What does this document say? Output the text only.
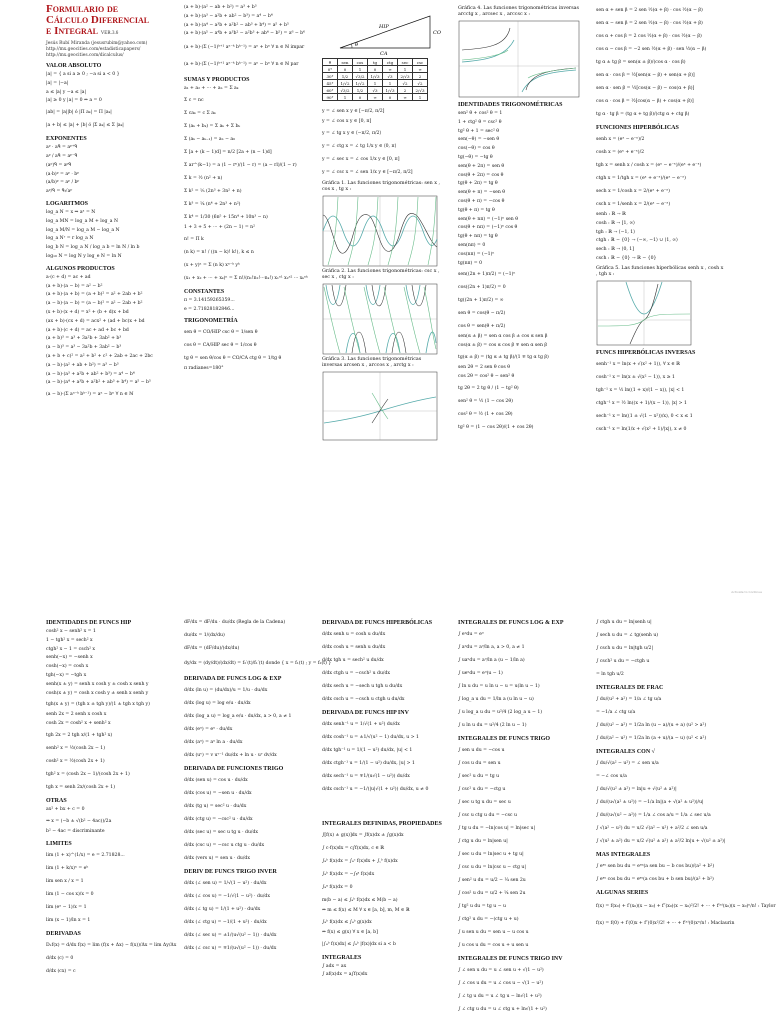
Formulario de
Cálculo Diferencial
e Integral VER.3.6
Jesús Rubí Miranda (jesusrubim@yahoo.com)
http://mx.geocities.com/estadisticapapers/
http://mx.geocities.com/dicalculus/
VALOR ABSOLUTO

|a| = { a si a ≥ 0 ; −a si a < 0 }

|a| = |−a|

a ≤ |a| y −a ≤ |a|

|a| ≥ 0 y |a| = 0 ⇔ a = 0

|ab| = |a||b| ó |Π aₖ| = Π |aₖ|

|a + b| ≤ |a| + |b| ó |Σ aₖ| ≤ Σ |aₖ|

EXPONENTES

aᵖ · aᑫ = aᵖ⁺ᑫ

aᵖ / aᑫ = aᵖ⁻ᑫ

(aᵖ)ᑫ = aᵖᑫ

(a·b)ᵖ = aᵖ · bᵖ

(a/b)ᵖ = aᵖ / bᵖ

aᵖ/ᑫ = ᑫ√aᵖ

LOGARITMOS

log_a N = x ⇒ aˣ = N

log_a MN = log_a M + log_a N

log_a M/N = log_a M − log_a N

log_a Nʳ = r log_a N

log_b N = log_a N / log_a b = ln N / ln b

log₁₀ N = log N y log_e N = ln N

ALGUNOS PRODUCTOS

a·(c + d) = ac + ad

(a + b)·(a − b) = a² − b²

(a + b)·(a + b) = (a + b)² = a² + 2ab + b²

(a − b)·(a − b) = (a − b)² = a² − 2ab + b²

(x + b)·(x + d) = x² + (b + d)x + bd

(ax + b)·(cx + d) = acx² + (ad + bc)x + bd

(a + b)·(c + d) = ac + ad + bc + bd

(a + b)³ = a³ + 3a²b + 3ab² + b³

(a − b)³ = a³ − 3a²b + 3ab² − b³

(a + b + c)² = a² + b² + c² + 2ab + 2ac + 2bc

(a − b)·(a² + ab + b²) = a³ − b³

(a − b)·(a³ + a²b + ab² + b³) = a⁴ − b⁴

(a − b)·(a⁴ + a³b + a²b² + ab³ + b⁴) = a⁵ − b⁵

(a − b)·(Σ aⁿ⁻ᵏ bᵏ⁻¹) = aⁿ − bⁿ ∀ n ∈ ℕ

(a + b)·(a² − ab + b²) = a³ + b³

(a + b)·(a³ − a²b + ab² − b³) = a⁴ − b⁴

(a + b)·(a⁴ − a³b + a²b² − ab³ + b⁴) = a⁵ + b⁵

(a + b)·(a⁵ − a⁴b + a³b² − a²b³ + ab⁴ − b⁵) = a⁶ − b⁶

(a + b)·(Σ (−1)ᵏ⁺¹ aⁿ⁻ᵏ bᵏ⁻¹) = aⁿ + bⁿ ∀ n ∈ ℕ impar

(a + b)·(Σ (−1)ᵏ⁺¹ aⁿ⁻ᵏ bᵏ⁻¹) = aⁿ − bⁿ ∀ n ∈ ℕ par

SUMAS Y PRODUCTOS

a₁ + a₂ + ··· + aₙ = Σ aₖ

Σ c = nc

Σ caₖ = c Σ aₖ

Σ (aₖ + bₖ) = Σ aₖ + Σ bₖ

Σ (aₖ − aₖ₋₁) = aₙ − a₀

Σ [a + (k − 1)d] = n/2 [2a + (n − 1)d]

Σ ar^(k−1) = a (1 − rⁿ)/(1 − r) = (a − rl)/(1 − r)

Σ k = ½ (n² + n)

Σ k² = ⅙ (2n³ + 3n² + n)

Σ k³ = ¼ (n⁴ + 2n³ + n²)

Σ k⁴ = 1/30 (6n⁵ + 15n⁴ + 10n³ − n)

1 + 3 + 5 + ··· + (2n − 1) = n²

n! = Π k

(n k) = n! / ((n − k)! k!), k ≤ n

(x + y)ⁿ = Σ (n k) xⁿ⁻ᵏ yᵏ

(x₁ + x₂ + ··· + xₖ)ⁿ = Σ n!/(n₁!n₂!···nₖ!) x₁ⁿ¹ x₂ⁿ² ··· xₖⁿᵏ

CONSTANTES

π = 3.14159265359...

e = 2.71828182846...

TRIGONOMETRÍA

sen θ = CO/HIP csc θ = 1/sen θ

cos θ = CA/HIP sec θ = 1/cos θ

tg θ = sen θ/cos θ = CO/CA ctg θ = 1/tg θ

π radianes=180°

HIP
CO
CA
θ
θ	sen	cos	tg	ctg	sec	csc
0°	0	1	0	∞	1	∞
30°	1/2	√3/2	1/√3	√3	2/√3	2
45°	1/√2	1/√2	1	1	√2	√2
60°	√3/2	1/2	√3	1/√3	2	2/√3
90°	1	0	∞	0	∞	1

y = ∠ sen x y ∈ [−π/2, π/2]

y = ∠ cos x y ∈ [0, π]

y = ∠ tg x y ∈ ⟨−π/2, π/2⟩

y = ∠ ctg x = ∠ tg 1/x y ∈ ⟨0, π⟩

y = ∠ sec x = ∠ cos 1/x y ∈ [0, π]

y = ∠ csc x = ∠ sen 1/x y ∈ [−π/2, π/2]

Gráfica 1. Las funciones trigonométricas: sen x , cos x , tg x :
Gráfica 2. Las funciones trigonométricas: csc x , sec x , ctg x :
Gráfica 3. Las funciones trigonométricas inversas arcsen x , arccos x , arctg x :
Gráfica 4. Las funciones trigonométricas inversas arcctg x , arcsec x , arccsc x :
IDENTIDADES TRIGONOMÉTRICAS

sen² θ + cos² θ = 1

1 + ctg² θ = csc² θ

tg² θ + 1 = sec² θ

sen(−θ) = −sen θ

cos(−θ) = cos θ

tg(−θ) = −tg θ

sen(θ + 2π) = sen θ

cos(θ + 2π) = cos θ

tg(θ + 2π) = tg θ

sen(θ + π) = −sen θ

cos(θ + π) = −cos θ

tg(θ + π) = tg θ

sen(θ + nπ) = (−1)ⁿ sen θ

cos(θ + nπ) = (−1)ⁿ cos θ

tg(θ + nπ) = tg θ

sen(nπ) = 0

cos(nπ) = (−1)ⁿ

tg(nπ) = 0

sen((2n + 1)π/2) = (−1)ⁿ

cos((2n + 1)π/2) = 0

tg((2n + 1)π/2) = ∞

sen θ = cos(θ − π/2)

cos θ = sen(θ + π/2)

sen(α ± β) = sen α cos β ± cos α sen β

cos(α ± β) = cos α cos β ∓ sen α sen β

tg(α ± β) = (tg α ± tg β)/(1 ∓ tg α tg β)

sen 2θ = 2 sen θ cos θ

cos 2θ = cos² θ − sen² θ

tg 2θ = 2 tg θ / (1 − tg² θ)

sen² θ = ½ (1 − cos 2θ)

cos² θ = ½ (1 + cos 2θ)

tg² θ = (1 − cos 2θ)/(1 + cos 2θ)

sen α + sen β = 2 sen ½(α + β) · cos ½(α − β)

sen α − sen β = 2 sen ½(α − β) · cos ½(α + β)

cos α + cos β = 2 cos ½(α + β) · cos ½(α − β)

cos α − cos β = −2 sen ½(α + β) · sen ½(α − β)

tg α ± tg β = sen(α ± β)/(cos α · cos β)

sen α · cos β = ½[sen(α − β) + sen(α + β)]

sen α · sen β = ½[cos(α − β) − cos(α + β)]

cos α · cos β = ½[cos(α − β) + cos(α + β)]

tg α · tg β = (tg α + tg β)/(ctg α + ctg β)

FUNCIONES HIPERBÓLICAS

senh x = (eˣ − e⁻ˣ)/2

cosh x = (eˣ + e⁻ˣ)/2

tgh x = senh x / cosh x = (eˣ − e⁻ˣ)/(eˣ + e⁻ˣ)

ctgh x = 1/tgh x = (eˣ + e⁻ˣ)/(eˣ − e⁻ˣ)

sech x = 1/cosh x = 2/(eˣ + e⁻ˣ)

csch x = 1/senh x = 2/(eˣ − e⁻ˣ)

senh : ℝ → ℝ

cosh : ℝ → [1, ∞⟩

tgh : ℝ → ⟨−1, 1⟩

ctgh : ℝ − {0} → ⟨−∞, −1⟩ ∪ ⟨1, ∞⟩

sech : ℝ → ⟨0, 1]

csch : ℝ − {0} → ℝ − {0}

Gráfica 5. Las funciones hiperbólicas senh x , cosh x , tgh x :
FUNCS HIPERBÓLICAS INVERSAS

senh⁻¹ x = ln(x + √(x² + 1)), ∀ x ∈ ℝ

cosh⁻¹ x = ln(x ± √(x² − 1)), x ≥ 1

tgh⁻¹ x = ½ ln((1 + x)/(1 − x)), |x| < 1

ctgh⁻¹ x = ½ ln((x + 1)/(x − 1)), |x| > 1

sech⁻¹ x = ln((1 ± √(1 − x²))/x), 0 < x ≤ 1

csch⁻¹ x = ln(1/x + √(x² + 1)/|x|), x ≠ 0

Activate to Continue
IDENTIDADES DE FUNCS HIP

cosh² x − senh² x = 1

1 − tgh² x = sech² x

ctgh² x − 1 = csch² x

senh(−x) = −senh x

cosh(−x) = cosh x

tgh(−x) = −tgh x

senh(x ± y) = senh x cosh y ± cosh x senh y

cosh(x ± y) = cosh x cosh y ± senh x senh y

tgh(x ± y) = (tgh x ± tgh y)/(1 ± tgh x tgh y)

senh 2x = 2 senh x cosh x

cosh 2x = cosh² x + senh² x

tgh 2x = 2 tgh x/(1 + tgh² x)

senh² x = ½(cosh 2x − 1)

cosh² x = ½(cosh 2x + 1)

tgh² x = (cosh 2x − 1)/(cosh 2x + 1)

tgh x = senh 2x/(cosh 2x + 1)

OTRAS

ax² + bx + c = 0

⇒ x = (−b ± √(b² − 4ac))/2a

b² − 4ac = discriminante

LIMITES

lim (1 + x)^(1/x) = e = 2.71828...

lim (1 + k/x)ˣ = eᵏ

lim sen x / x = 1

lim (1 − cos x)/x = 0

lim (eˣ − 1)/x = 1

lim (x − 1)/ln x = 1

DERIVADAS

Dₓf(x) = d/dx f(x) = lim (f(x + Δx) − f(x))/Δx = lim Δy/Δx

d/dx (c) = 0

d/dx (cx) = c

dF/dx = dF/du · du/dx (Regla de la Cadena)

du/dx = 1/(dx/du)

dF/dx = (dF/du)/(dx/du)

dy/dx = (dy/dt)/(dx/dt) = f₂′(t)/f₁′(t) donde { x = f₁(t) ; y = f₂(t) }

DERIVADA DE FUNCS LOG & EXP

d/dx (ln u) = (du/dx)/u = 1/u · du/dx

d/dx (log u) = log e/u · du/dx

d/dx (log_a u) = log_a e/u · du/dx, a > 0, a ≠ 1

d/dx (eᵘ) = eᵘ · du/dx

d/dx (aᵘ) = aᵘ ln a · du/dx

d/dx (uᵛ) = v uᵛ⁻¹ du/dx + ln u · uᵛ dv/dx

DERIVADA DE FUNCIONES TRIGO

d/dx (sen u) = cos u · du/dx

d/dx (cos u) = −sen u · du/dx

d/dx (tg u) = sec² u · du/dx

d/dx (ctg u) = −csc² u · du/dx

d/dx (sec u) = sec u tg u · du/dx

d/dx (csc u) = −csc u ctg u · du/dx

d/dx (vers u) = sen u · du/dx

DERIV DE FUNCS TRIGO INVER

d/dx (∠ sen u) = 1/√(1 − u²) · du/dx

d/dx (∠ cos u) = −1/√(1 − u²) · du/dx

d/dx (∠ tg u) = 1/(1 + u²) · du/dx

d/dx (∠ ctg u) = −1/(1 + u²) · du/dx

d/dx (∠ sec u) = ±1/(u√(u² − 1)) · du/dx

d/dx (∠ csc u) = ∓1/(u√(u² − 1)) · du/dx

DERIVADA DE FUNCS HIPERBÓLICAS

d/dx senh u = cosh u du/dx

d/dx cosh u = senh u du/dx

d/dx tgh u = sech² u du/dx

d/dx ctgh u = −csch² u du/dx

d/dx sech u = −sech u tgh u du/dx

d/dx csch u = −csch u ctgh u du/dx

DERIVADA DE FUNCS HIP INV

d/dx senh⁻¹ u = 1/√(1 + u²) du/dx

d/dx cosh⁻¹ u = ±1/√(u² − 1) du/dx, u > 1

d/dx tgh⁻¹ u = 1/(1 − u²) du/dx, |u| < 1

d/dx ctgh⁻¹ u = 1/(1 − u²) du/dx, |u| > 1

d/dx sech⁻¹ u = ∓1/(u√(1 − u²)) du/dx

d/dx csch⁻¹ u = −1/(|u|√(1 + u²)) du/dx, u ≠ 0

INTEGRALES DEFINIDAS, PROPIEDADES

∫[f(x) ± g(x)]dx = ∫f(x)dx ± ∫g(x)dx

∫ c·f(x)dx = c∫f(x)dx, c ∈ ℝ

∫ₐᵇ f(x)dx = ∫ₐᶜ f(x)dx + ∫꜀ᵇ f(x)dx

∫ₐᵇ f(x)dx = −∫ᵦᵃ f(x)dx

∫ₐᵃ f(x)dx = 0

m(b − a) ≤ ∫ₐᵇ f(x)dx ≤ M(b − a)

⇔ m ≤ f(x) ≤ M ∀ x ∈ [a, b], m, M ∈ ℝ

∫ₐᵇ f(x)dx ≤ ∫ₐᵇ g(x)dx

⇔ f(x) ≤ g(x) ∀ x ∈ [a, b]

|∫ₐᵇ f(x)dx| ≤ ∫ₐᵇ |f(x)|dx si a < b

INTEGRALES

∫ adx = ax

∫ af(x)dx = a∫f(x)dx

INTEGRALES DE FUNCS LOG & EXP

∫ eᵘdu = eᵘ

∫ aᵘdu = aᵘ/ln a, a > 0, a ≠ 1

∫ uaᵘdu = aᵘ/ln a (u − 1/ln a)

∫ ueᵘdu = eᵘ(u − 1)

∫ ln u du = u ln u − u = u(ln u − 1)

∫ log_a u du = 1/ln a (u ln u − u)

∫ u log_a u du = u²/4 (2 log_a u − 1)

∫ u ln u du = u²/4 (2 ln u − 1)

INTEGRALES DE FUNCS TRIGO

∫ sen u du = −cos u

∫ cos u du = sen u

∫ sec² u du = tg u

∫ csc² u du = −ctg u

∫ sec u tg u du = sec u

∫ csc u ctg u du = −csc u

∫ tg u du = −ln|cos u| = ln|sec u|

∫ ctg u du = ln|sen u|

∫ sec u du = ln|sec u + tg u|

∫ csc u du = ln|csc u − ctg u|

∫ sen² u du = u/2 − ¼ sen 2u

∫ cos² u du = u/2 + ¼ sen 2u

∫ tg² u du = tg u − u

∫ ctg² u du = −(ctg u + u)

∫ u sen u du = sen u − u cos u

∫ u cos u du = cos u + u sen u

INTEGRALES DE FUNCS TRIGO INV

∫ ∠ sen u du = u ∠ sen u + √(1 − u²)

∫ ∠ cos u du = u ∠ cos u − √(1 − u²)

∫ ∠ tg u du = u ∠ tg u − ln√(1 + u²)

∫ ∠ ctg u du = u ∠ ctg u + ln√(1 + u²)

∫ ctgh u du = ln|senh u|

∫ sech u du = ∠ tg(senh u)

∫ csch u du = ln|tgh u/2|

∫ csch² u du = −ctgh u

= ln tgh u/2

INTEGRALES DE FRAC

∫ du/(u² + a²) = 1/a ∠ tg u/a

= −1/a ∠ ctg u/a

∫ du/(u² − a²) = 1/2a ln (u − a)/(u + a) (u² > a²)

∫ du/(a² − u²) = 1/2a ln (a + u)/(a − u) (u² < a²)

INTEGRALES CON √

∫ du/√(a² − u²) = ∠ sen u/a

= −∠ cos u/a

∫ du/√(u² ± a²) = ln|u + √(u² ± a²)|

∫ du/(u√(a² ± u²)) = −1/a ln|(a + √(a² ± u²))/u|

∫ du/(u√(u² − a²)) = 1/a ∠ cos a/u = 1/a ∠ sec u/a

∫ √(a² − u²) du = u/2 √(a² − u²) + a²/2 ∠ sen u/a

∫ √(u² ± a²) du = u/2 √(u² ± a²) ± a²/2 ln|u + √(u² ± a²)|

MAS INTEGRALES

∫ eᵃᵘ sen bu du = eᵃᵘ(a sen bu − b cos bu)/(a² + b²)

∫ eᵃᵘ cos bu du = eᵃᵘ(a cos bu + b sen bu)/(a² + b²)

ALGUNAS SERIES

f(x) = f(x₀) + f′(x₀)(x − x₀) + f″(x₀)(x − x₀)²/2! + ··· + f⁽ⁿ⁾(x₀)(x − x₀)ⁿ/n! : Taylor

f(x) = f(0) + f′(0)x + f″(0)x²/2! + ··· + f⁽ⁿ⁾(0)xⁿ/n! : Maclaurin
